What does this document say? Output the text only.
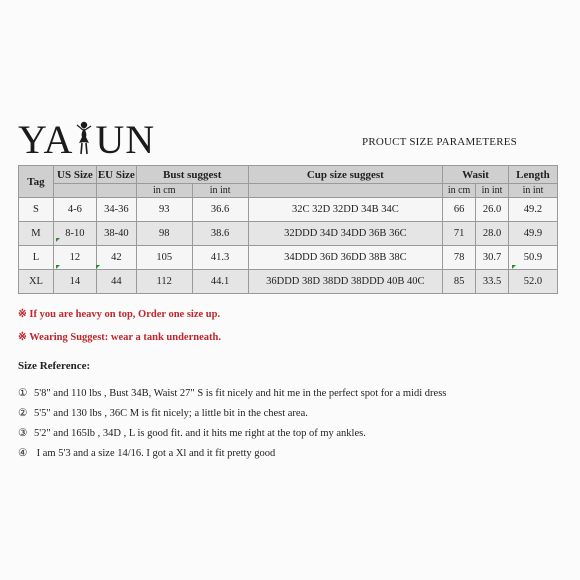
YA UN	PROUCT SIZE PARAMETERES
Tag	US Size	EU Size	Bust suggest		Cup size suggest	Wasit		Length
			in cm	in int		in cm	in int	in int
S	4-6	34-36	93	36.6	32C 32D 32DD 34B 34C	66	26.0	49.2
M	8-10	38-40	98	38.6	32DDD 34D 34DD 36B 36C	71	28.0	49.9
L	12	42	105	41.3	34DDD 36D 36DD 38B 38C	78	30.7	50.9
XL	14	44	112	44.1	36DDD 38D 38DD 38DDD 40B 40C	85	33.5	52.0
※ If you are heavy on top, Order one size up.
※ Wearing Suggest: wear a tank underneath.
Size Reference:
① 5'8" and 110 lbs , Bust 34B, Waist 27" S is fit nicely and hit me in the perfect spot for a midi dress
② 5'5" and 130 lbs , 36C M is fit nicely; a little bit in the chest area.
③ 5'2" and 165lb , 34D , L is good fit. and it hits me right at the top of my ankles.
④ I am 5'3 and a size 14/16. I got a Xl and it fit pretty good
